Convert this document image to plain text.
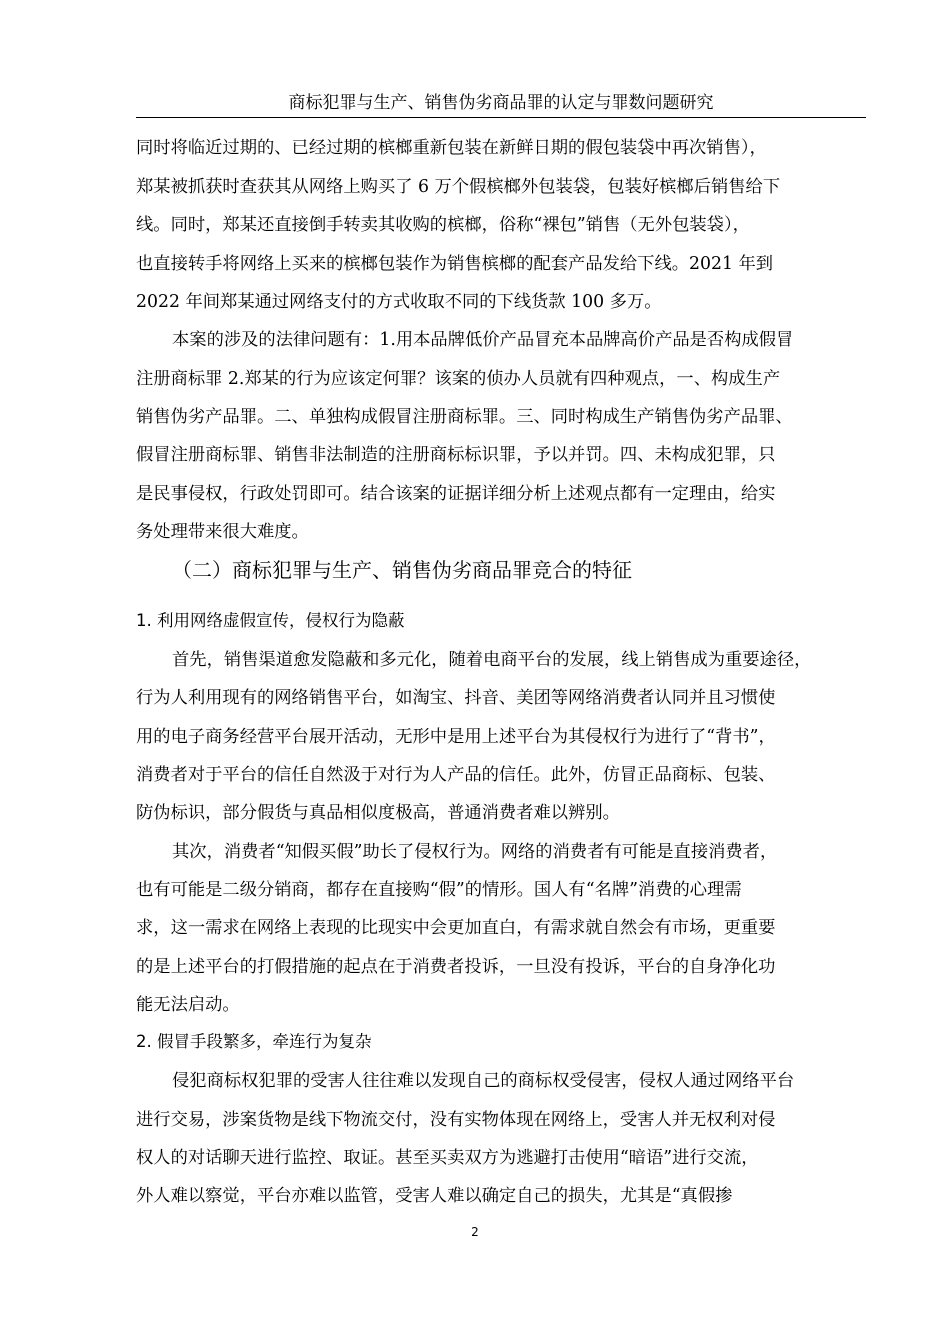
商标犯罪与生产、销售伪劣商品罪的认定与罪数问题研究
同时将临近过期的、已经过期的槟榔重新包装在新鲜日期的假包装袋中再次销售），
郑某被抓获时查获其从网络上购买了 6 万个假槟榔外包装袋，包装好槟榔后销售给下
线。同时，郑某还直接倒手转卖其收购的槟榔，俗称“裸包”销售（无外包装袋），
也直接转手将网络上买来的槟榔包装作为销售槟榔的配套产品发给下线。2021 年到
2022 年间郑某通过网络支付的方式收取不同的下线货款 100 多万。
本案的涉及的法律问题有：1.用本品牌低价产品冒充本品牌高价产品是否构成假冒
注册商标罪 2.郑某的行为应该定何罪？该案的侦办人员就有四种观点，一、构成生产
销售伪劣产品罪。二、单独构成假冒注册商标罪。三、同时构成生产销售伪劣产品罪、
假冒注册商标罪、销售非法制造的注册商标标识罪，予以并罚。四、未构成犯罪，只
是民事侵权，行政处罚即可。结合该案的证据详细分析上述观点都有一定理由，给实
务处理带来很大难度。
（二）商标犯罪与生产、销售伪劣商品罪竞合的特征
1. 利用网络虚假宣传，侵权行为隐蔽
首先，销售渠道愈发隐蔽和多元化，随着电商平台的发展，线上销售成为重要途径，
行为人利用现有的网络销售平台，如淘宝、抖音、美团等网络消费者认同并且习惯使
用的电子商务经营平台展开活动，无形中是用上述平台为其侵权行为进行了“背书”，
消费者对于平台的信任自然汲于对行为人产品的信任。此外，仿冒正品商标、包装、
防伪标识，部分假货与真品相似度极高，普通消费者难以辨别。
其次，消费者“知假买假”助长了侵权行为。网络的消费者有可能是直接消费者，
也有可能是二级分销商，都存在直接购“假”的情形。国人有“名牌”消费的心理需
求，这一需求在网络上表现的比现实中会更加直白，有需求就自然会有市场，更重要
的是上述平台的打假措施的起点在于消费者投诉，一旦没有投诉，平台的自身净化功
能无法启动。
2. 假冒手段繁多，牵连行为复杂
侵犯商标权犯罪的受害人往往难以发现自己的商标权受侵害，侵权人通过网络平台
进行交易，涉案货物是线下物流交付，没有实物体现在网络上，受害人并无权利对侵
权人的对话聊天进行监控、取证。甚至买卖双方为逃避打击使用“暗语”进行交流，
外人难以察觉，平台亦难以监管，受害人难以确定自己的损失，尤其是“真假掺
2
